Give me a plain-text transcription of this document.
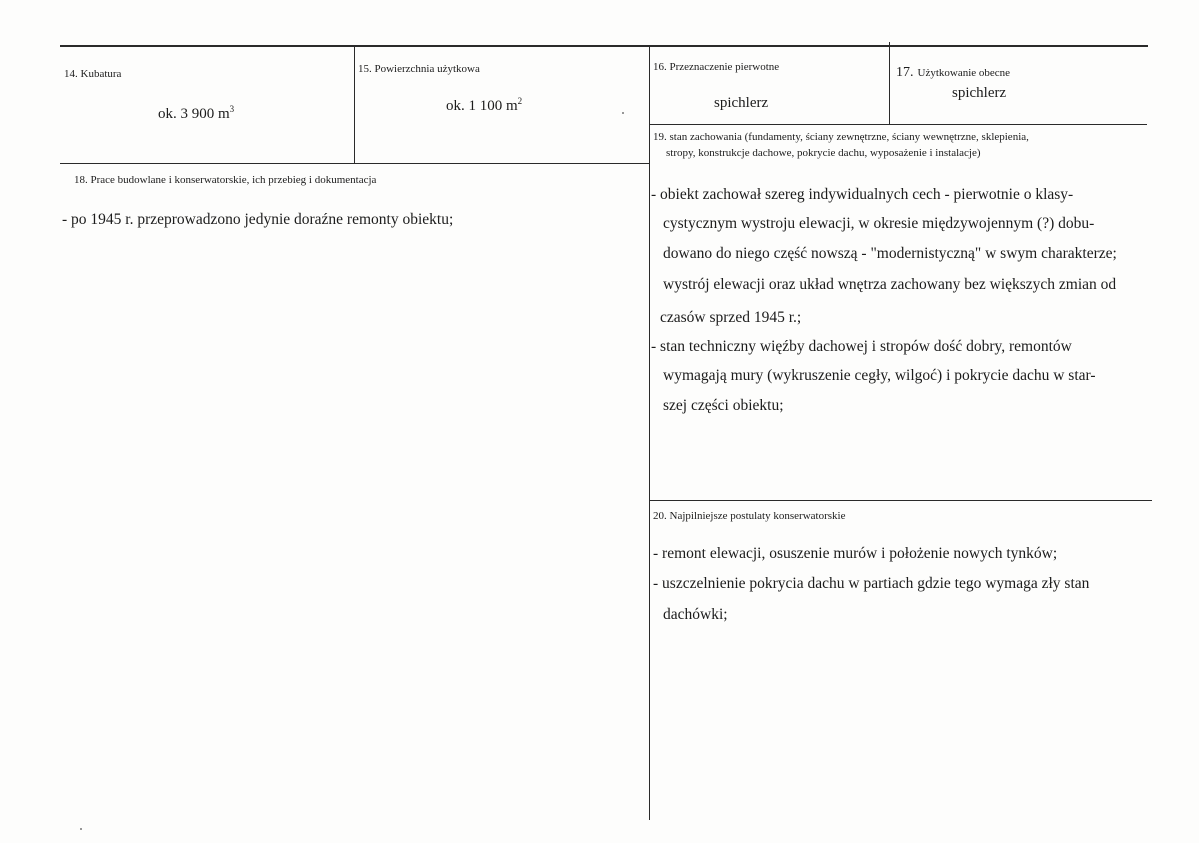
14. Kubatura
ok. 3 900 $m^3$
15. Powierzchnia użytkowa
ok. 1 100 $m^2$
16. Przeznaczenie pierwotne
spichlerz
17. Użytkowanie obecne
spichlerz
18. Prace budowlane i konserwatorskie, ich przebieg i dokumentacja
- po 1945 r. przeprowadzono jedynie doraźne remonty obiektu;
19. stan zachowania (fundamenty, ściany zewnętrzne, ściany wewnętrzne, sklepienia,
stropy, konstrukcje dachowe, pokrycie dachu, wyposażenie i instalacje)
- obiekt zachował szereg indywidualnych cech - pierwotnie o klasy-
cystycznym wystroju elewacji, w okresie międzywojennym (?) dobu-
dowano do niego część nowszą - "modernistyczną" w swym charakterze;
wystrój elewacji oraz układ wnętrza zachowany bez większych zmian od
czasów sprzed 1945 r.;
- stan techniczny więźby dachowej i stropów dość dobry, remontów
wymagają mury (wykruszenie cegły, wilgoć) i pokrycie dachu w star-
szej części obiektu;
20. Najpilniejsze postulaty konserwatorskie
- remont elewacji, osuszenie murów i położenie nowych tynków;
- uszczelnienie pokrycia dachu w partiach gdzie tego wymaga zły stan
dachówki;
